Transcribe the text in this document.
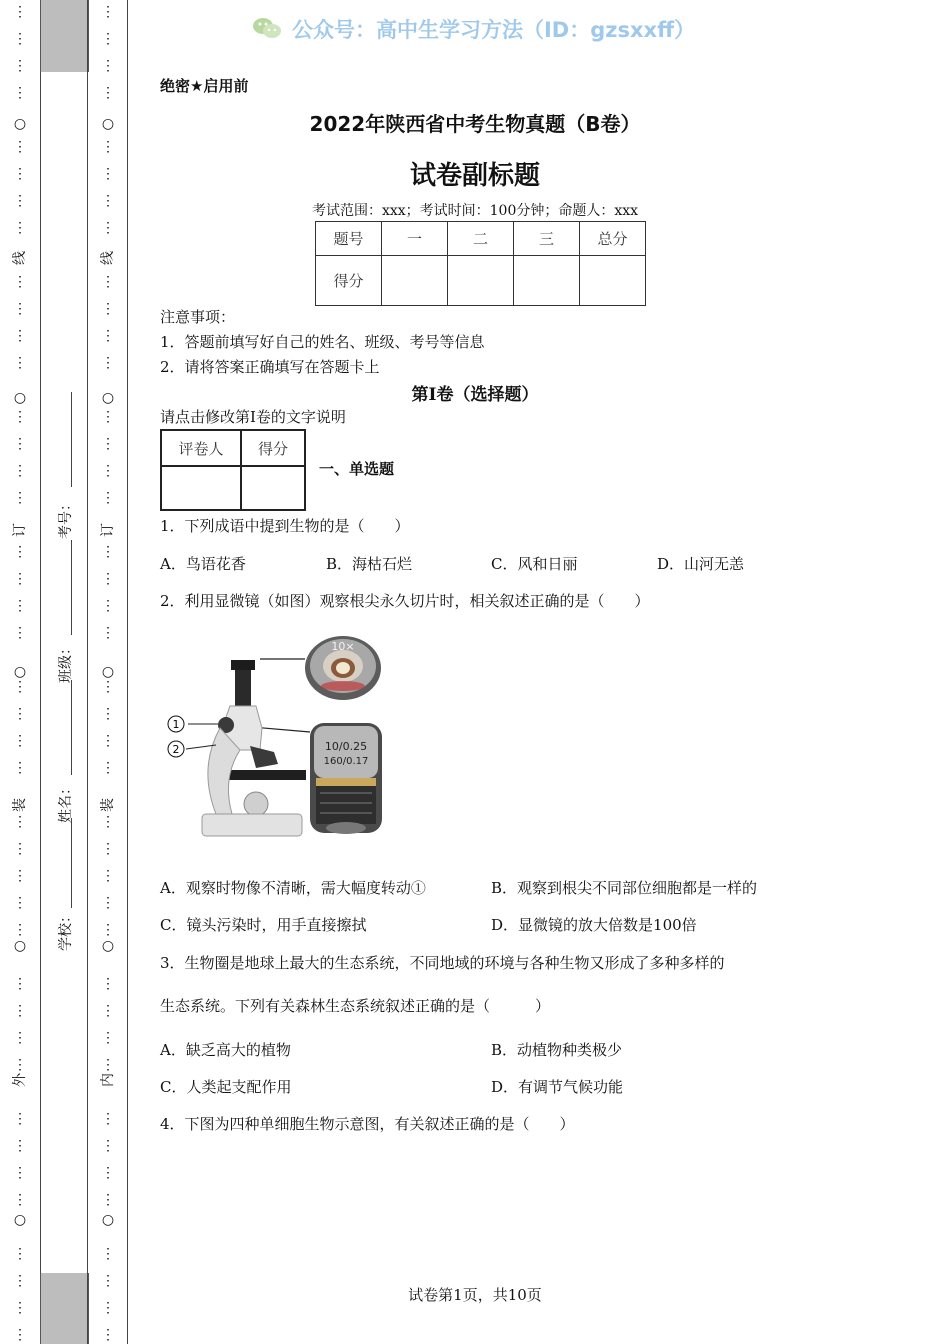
⋮
⋮
⋮
⋮
⋮
⋮
⋮
⋮
⋮
⋮
⋮
⋮
⋮
⋮
⋮
⋮
⋮
⋮
⋮
⋮
⋮
⋮
⋮
⋮
⋮
⋮
⋮
⋮
⋮
⋮
⋮
⋮
⋮
⋮
⋮
⋮
⋮
⋮
⋮
⋮
⋮
○
○
○
○
○
线
订
装
外
⋮
⋮
⋮
⋮
⋮
⋮
⋮
⋮
⋮
⋮
⋮
⋮
⋮
⋮
⋮
⋮
⋮
⋮
⋮
⋮
⋮
⋮
⋮
⋮
⋮
⋮
⋮
⋮
⋮
⋮
⋮
⋮
⋮
⋮
⋮
⋮
⋮
⋮
⋮
⋮
⋮
○
○
○
○
○
线
订
装
内
学校：
姓名：
班级：
考号：
公众号：高中生学习方法（ID：gzsxxff）
绝密★启用前
2022年陕西省中考生物真题（B卷）
试卷副标题
考试范围：xxx；考试时间：100分钟；命题人：xxx
题号	一	二	三	总分
得分				
注意事项：
1．答题前填写好自己的姓名、班级、考号等信息
2．请将答案正确填写在答题卡上
第I卷（选择题）
请点击修改第I卷的文字说明
评卷人	得分

一、单选题
1．下列成语中提到生物的是（　　）
A．鸟语花香	B．海枯石烂	C．风和日丽	D．山河无恙
2．利用显微镜（如图）观察根尖永久切片时，相关叙述正确的是（　　）
1
2
10×
10/0.25
160/0.17
A．观察时物像不清晰，需大幅度转动①	B．观察到根尖不同部位细胞都是一样的
C．镜头污染时，用手直接擦拭	D．显微镜的放大倍数是100倍
3．生物圈是地球上最大的生态系统，不同地域的环境与各种生物又形成了多种多样的
生态系统。下列有关森林生态系统叙述正确的是（　　　）
A．缺乏高大的植物	B．动植物种类极少
C．人类起支配作用	D．有调节气候功能
4．下图为四种单细胞生物示意图，有关叙述正确的是（　　）
试卷第1页，共10页
